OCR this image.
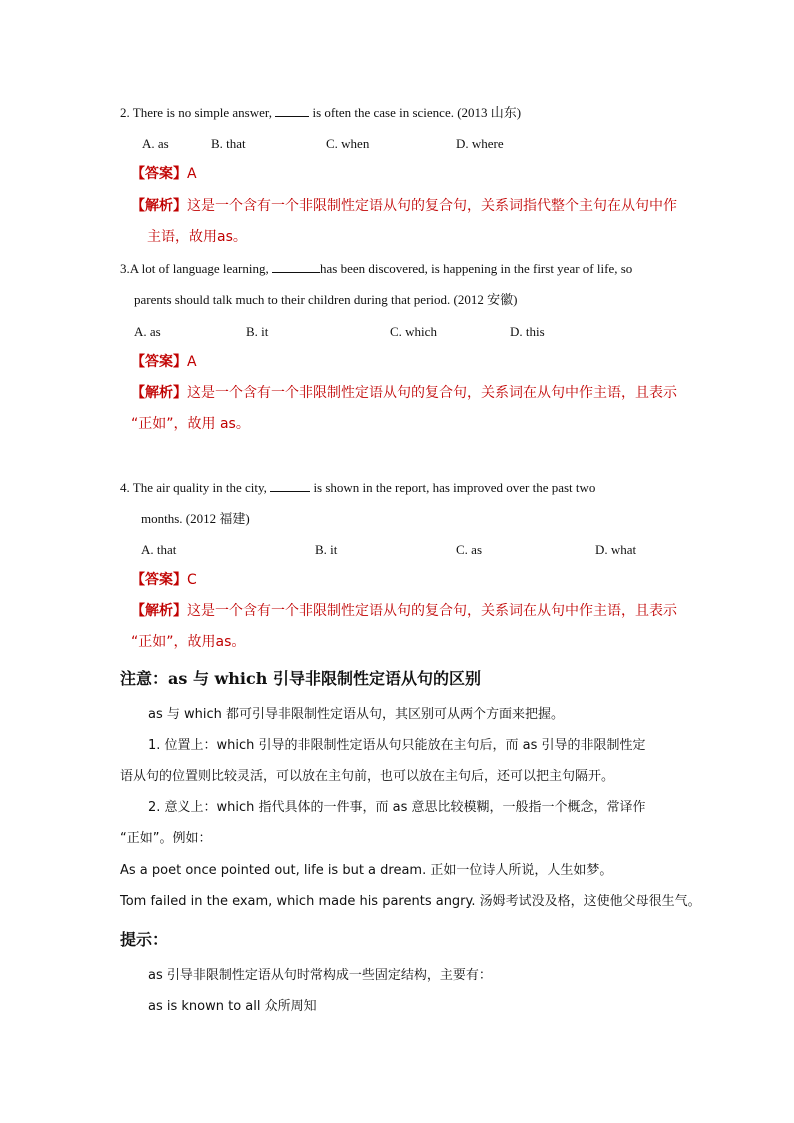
2. There is no simple answer,	is often the case in science. (2013 山东)
A. as	B. that	C. when	D. where
【答案】A
【解析】这是一个含有一个非限制性定语从句的复合句，关系词指代整个主句在从句中作
主语，故用as。
3.A lot of language learning,	has been discovered, is happening in the first year of life, so
parents should talk much to their children during that period. (2012 安徽)
A. as	B. it	C. which	D. this
【答案】A
【解析】这是一个含有一个非限制性定语从句的复合句，关系词在从句中作主语，且表示
“正如”，故用 as。
4. The air quality in the city,	is shown in the report, has improved over the past two
months. (2012 福建)
A. that	B. it	C. as	D. what
【答案】C
【解析】这是一个含有一个非限制性定语从句的复合句，关系词在从句中作主语，且表示
“正如”，故用as。
注意：as 与 which 引导非限制性定语从句的区别
as 与 which 都可引导非限制性定语从句，其区别可从两个方面来把握。
1. 位置上：which 引导的非限制性定语从句只能放在主句后，而 as 引导的非限制性定
语从句的位置则比较灵活，可以放在主句前，也可以放在主句后，还可以把主句隔开。
2. 意义上：which 指代具体的一件事，而 as 意思比较模糊，一般指一个概念，常译作
“正如”。例如：
As a poet once pointed out, life is but a dream. 正如一位诗人所说，人生如梦。
Tom failed in the exam, which made his parents angry. 汤姆考试没及格，这使他父母很生气。
提示：
as 引导非限制性定语从句时常构成一些固定结构，主要有：
as is known to all 众所周知
